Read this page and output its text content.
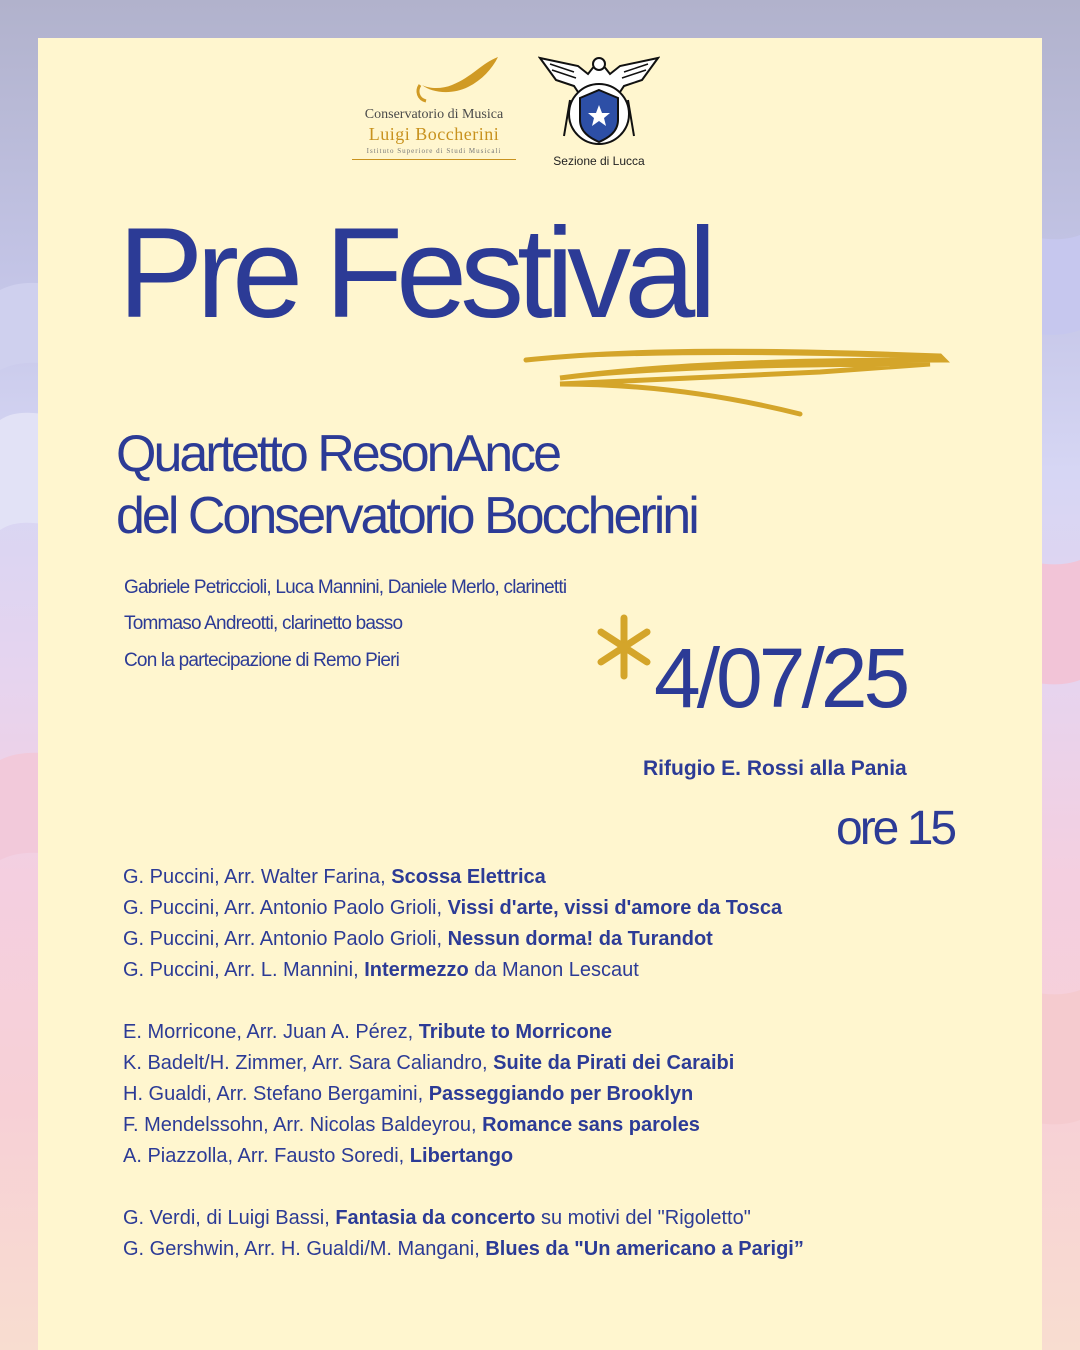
Conservatorio di Musica
Luigi Boccherini
Istituto Superiore di Studi Musicali
Sezione di Lucca
Pre Festival
Quartetto ResonAnce
del Conservatorio Boccherini
Gabriele Petriccioli, Luca Mannini, Daniele Merlo, clarinetti
Tommaso Andreotti, clarinetto basso
Con la partecipazione di Remo Pieri	4/07/25
Rifugio E. Rossi alla Pania
ore 15
G. Puccini, Arr. Walter Farina, Scossa Elettrica
G. Puccini, Arr. Antonio Paolo Grioli, Vissi d'arte, vissi d'amore da Tosca
G. Puccini, Arr. Antonio Paolo Grioli, Nessun dorma! da Turandot
G. Puccini, Arr. L. Mannini, Intermezzo da Manon Lescaut
E. Morricone, Arr. Juan A. Pérez, Tribute to Morricone
K. Badelt/H. Zimmer, Arr. Sara Caliandro, Suite da Pirati dei Caraibi
H. Gualdi, Arr. Stefano Bergamini, Passeggiando per Brooklyn
F. Mendelssohn, Arr. Nicolas Baldeyrou, Romance sans paroles
A. Piazzolla, Arr. Fausto Soredi, Libertango
G. Verdi, di Luigi Bassi, Fantasia da concerto su motivi del "Rigoletto"
G. Gershwin, Arr. H. Gualdi/M. Mangani, Blues da "Un americano a Parigi”
